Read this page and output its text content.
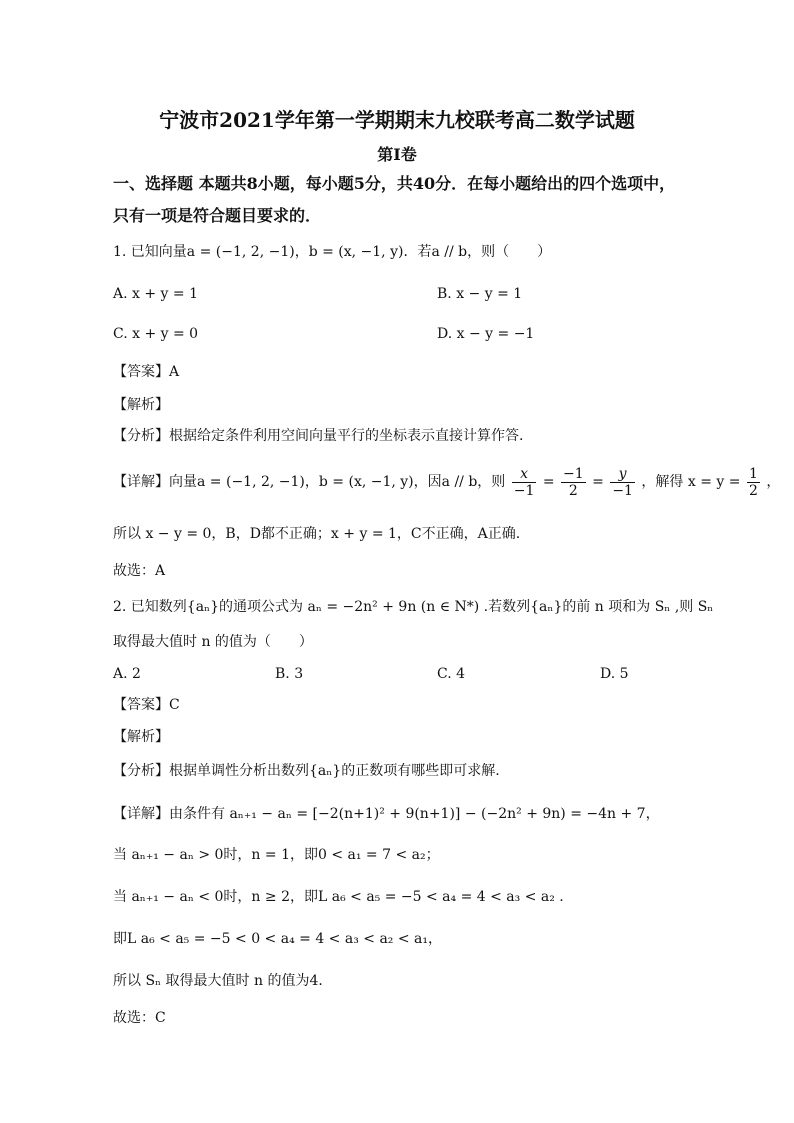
宁波市2021学年第一学期期末九校联考高二数学试题
第I卷
一、选择题 本题共8小题，每小题5分，共40分．在每小题给出的四个选项中，
只有一项是符合题目要求的．
1. 已知向量a = (−1, 2, −1)，b = (x, −1, y)．若a // b，则（　　）
A. x + y = 1	B. x − y = 1
C. x + y = 0	D. x − y = −1
【答案】A
【解析】
【分析】根据给定条件利用空间向量平行的坐标表示直接计算作答.
【详解】向量a = (−1, 2, −1)，b = (x, −1, y)，因a // b，则 $\frac{x}{-1} = \frac{-1}{2} = \frac{y}{-1}$ ，解得 $x = y = \frac{1}{2}$ ，
所以 x − y = 0，B，D都不正确；x + y = 1，C不正确，A正确.
故选：A
2. 已知数列{aₙ}的通项公式为 aₙ = −2n² + 9n (n ∈ N*) .若数列{aₙ}的前 n 项和为 Sₙ ,则 Sₙ
取得最大值时 n 的值为（　　）
A. 2	B. 3	C. 4	D. 5
【答案】C
【解析】
【分析】根据单调性分析出数列{aₙ}的正数项有哪些即可求解.
【详解】由条件有 aₙ₊₁ − aₙ = [−2(n+1)² + 9(n+1)] − (−2n² + 9n) = −4n + 7，
当 aₙ₊₁ − aₙ > 0时，n = 1，即0 < a₁ = 7 < a₂；
当 aₙ₊₁ − aₙ < 0时，n ≥ 2，即L a₆ < a₅ = −5 < a₄ = 4 < a₃ < a₂ .
即L a₆ < a₅ = −5 < 0 < a₄ = 4 < a₃ < a₂ < a₁，
所以 Sₙ 取得最大值时 n 的值为4．
故选：C
